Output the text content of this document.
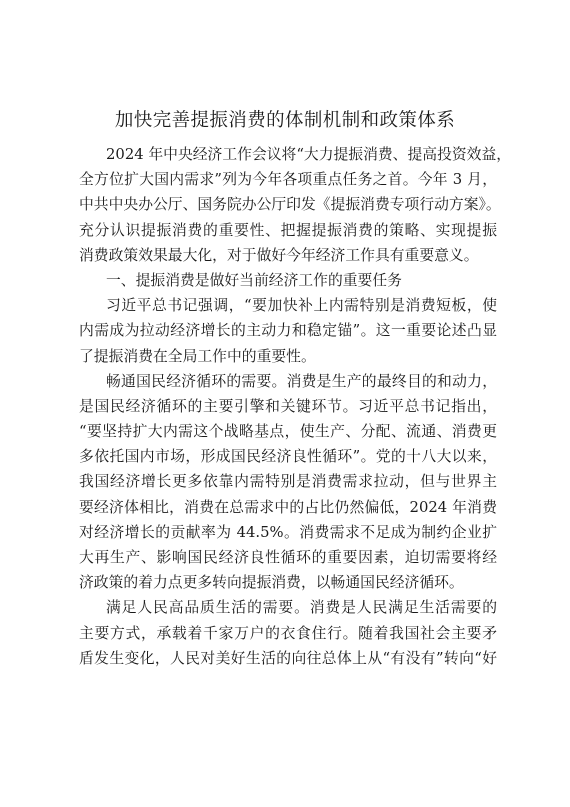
加快完善提振消费的体制机制和政策体系
2024 年中央经济工作会议将“大力提振消费、提高投资效益，
全方位扩大国内需求”列为今年各项重点任务之首。今年 3 月，
中共中央办公厅、国务院办公厅印发《提振消费专项行动方案》。
充分认识提振消费的重要性、把握提振消费的策略、实现提振
消费政策效果最大化，对于做好今年经济工作具有重要意义。
一、提振消费是做好当前经济工作的重要任务
习近平总书记强调，“要加快补上内需特别是消费短板，使
内需成为拉动经济增长的主动力和稳定锚”。这一重要论述凸显
了提振消费在全局工作中的重要性。
畅通国民经济循环的需要。消费是生产的最终目的和动力，
是国民经济循环的主要引擎和关键环节。习近平总书记指出，
“要坚持扩大内需这个战略基点，使生产、分配、流通、消费更
多依托国内市场，形成国民经济良性循环”。党的十八大以来，
我国经济增长更多依靠内需特别是消费需求拉动，但与世界主
要经济体相比，消费在总需求中的占比仍然偏低，2024 年消费
对经济增长的贡献率为 44.5%。消费需求不足成为制约企业扩
大再生产、影响国民经济良性循环的重要因素，迫切需要将经
济政策的着力点更多转向提振消费，以畅通国民经济循环。
满足人民高品质生活的需要。消费是人民满足生活需要的
主要方式，承载着千家万户的衣食住行。随着我国社会主要矛
盾发生变化，人民对美好生活的向往总体上从“有没有”转向“好
